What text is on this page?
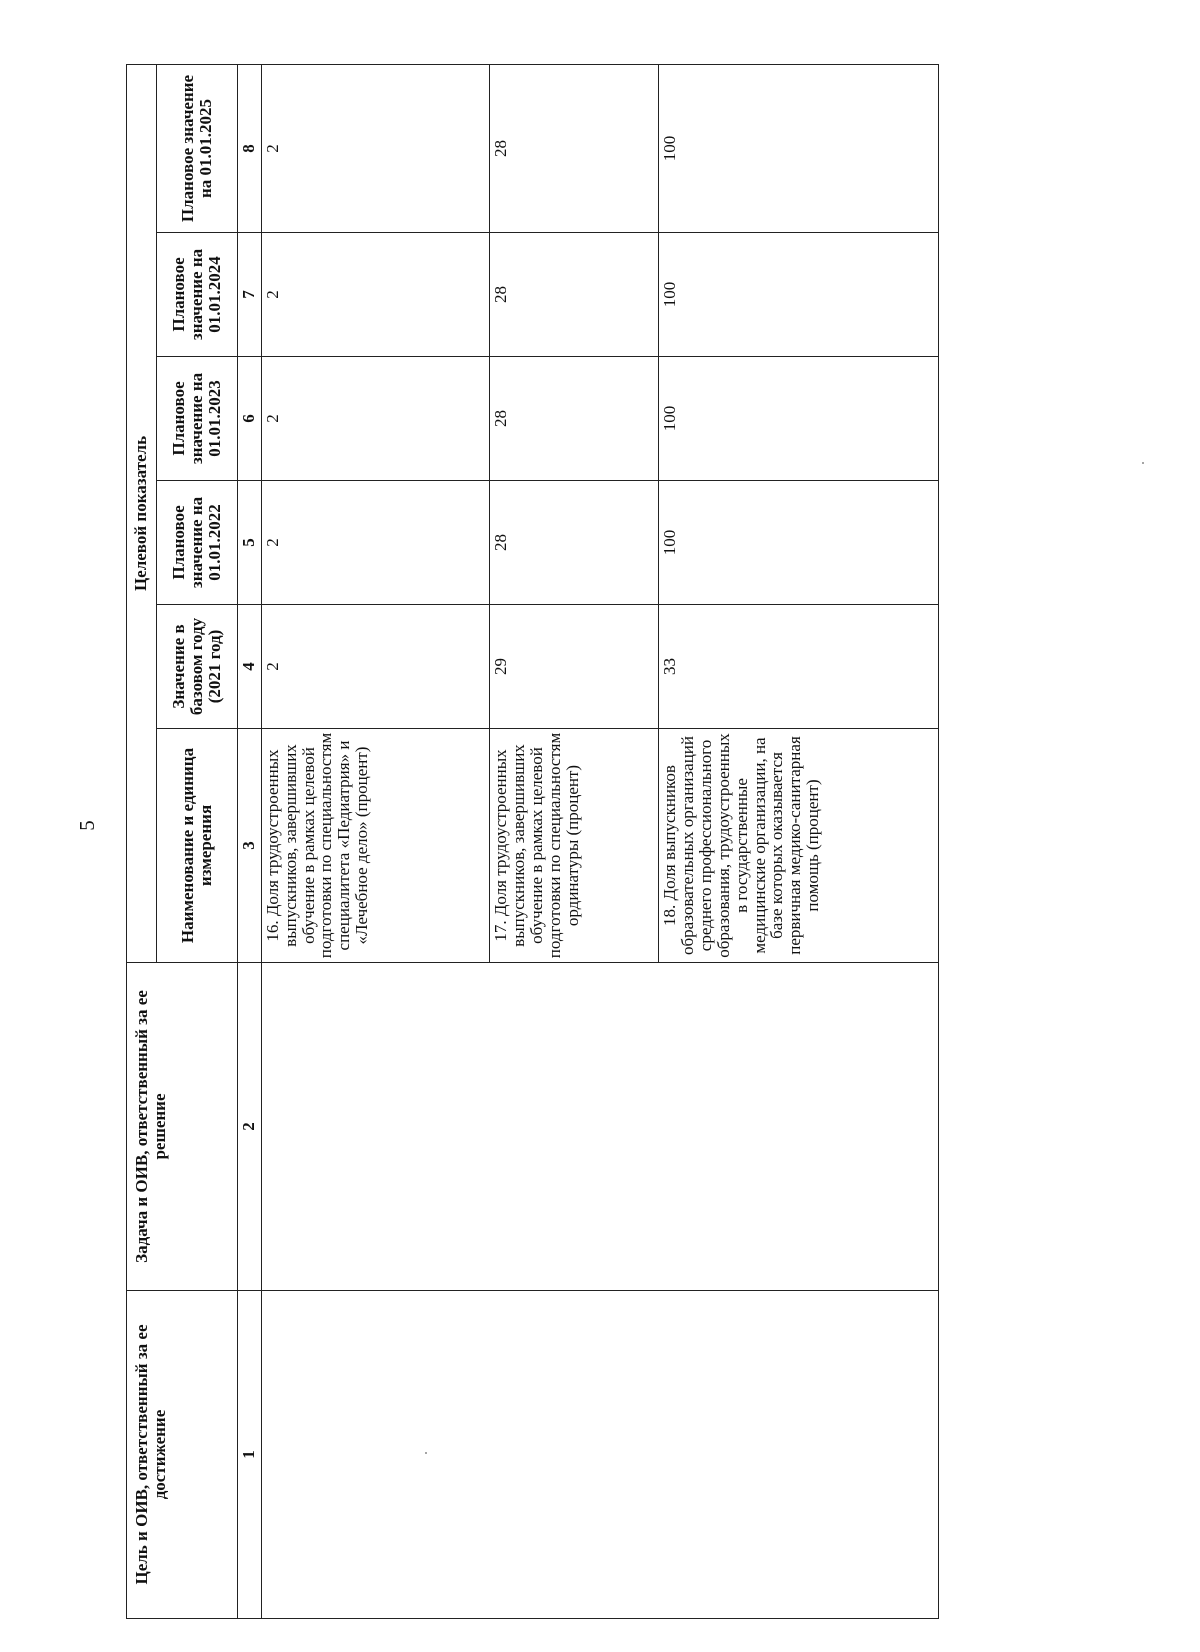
5
Цель и ОИВ, ответственный за ее достижение	Задача и ОИВ, ответственный за ее решение	Целевой показатель					
		Наименование и единица измерения	Значение в базовом году (2021 год)	Плановое значение на 01.01.2022	Плановое значение на 01.01.2023	Плановое значение на 01.01.2024	Плановое значение на 01.01.2025
1	2	3	4	5	6	7	8
		16. Доля трудоустроенных выпускников, завершивших обучение в рамках целевой подготовки по специальностям специалитета «Педиатрия» и «Лечебное дело» (процент)	2	2	2	2	2
		17. Доля трудоустроенных выпускников, завершивших обучение в рамках целевой подготовки по специальностям ординатуры (процент)	29	28	28	28	28
		18. Доля выпускников образовательных организаций среднего профессионального образования, трудоустроенных в государственные медицинские организации, на базе которых оказывается первичная медико-санитарная помощь (процент)	33	100	100	100	100
